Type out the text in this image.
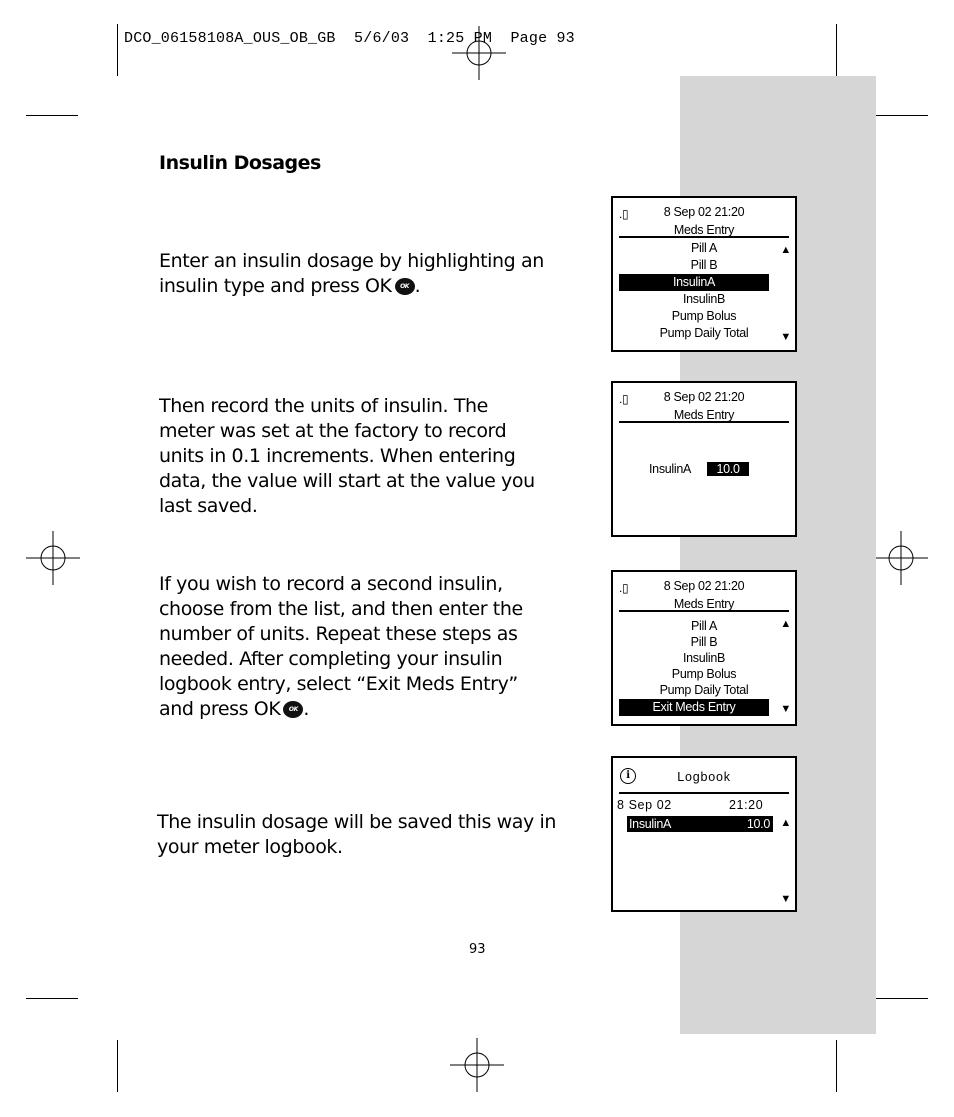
DCO_06158108A_OUS_OB_GB  5/6/03  1:25 PM  Page 93
Insulin Dosages

Enter an insulin dosage by highlighting an insulin type and press OK OK .

Then record the units of insulin. The meter was set at the factory to record units in 0.1 increments. When entering data, the value will start at the value you last saved.

If you wish to record a second insulin, choose from the list, and then enter the number of units. Repeat these steps as needed. After completing your insulin logbook entry, select “Exit Meds Entry” and press OK OK .

The insulin dosage will be saved this way in your meter logbook.

93
.▯	8 Sep 02 21:20
Meds Entry
Pill A
Pill B
InsulinA
InsulinB
Pump Bolus
Pump Daily Total
▲
▼
.▯	8 Sep 02 21:20
Meds Entry
InsulinA 10.0
.▯	8 Sep 02 21:20
Meds Entry
Pill A
Pill B
InsulinB
Pump Bolus
Pump Daily Total
Exit Meds Entry
▲
▼
i	Logbook
8 Sep 02	21:20
InsulinA	10.0 ▲
▼
